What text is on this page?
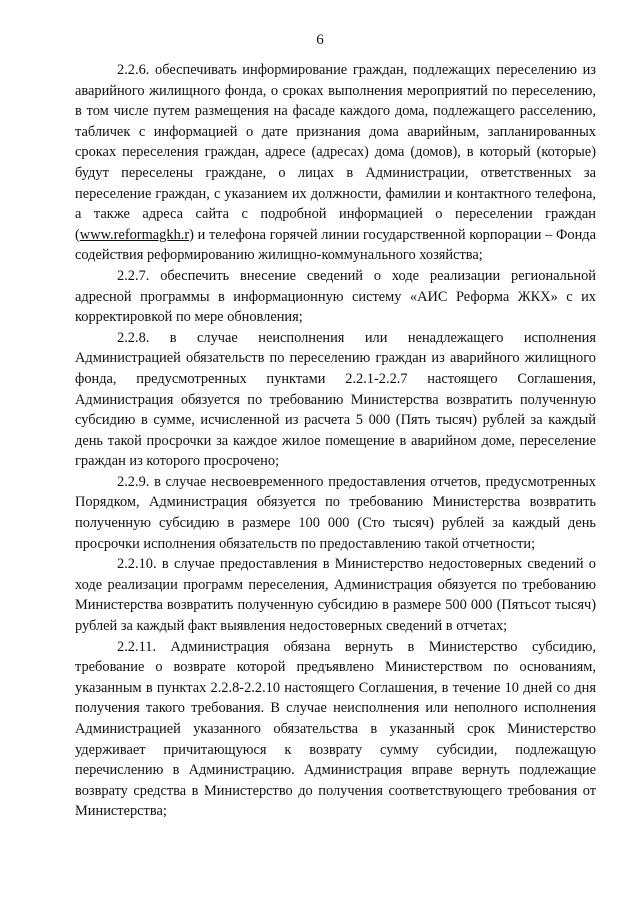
6

2.2.6. обеспечивать информирование граждан, подлежащих переселению из аварийного жилищного фонда, о сроках выполнения мероприятий по переселению, в том числе путем размещения на фасаде каждого дома, подлежащего расселению, табличек с информацией о дате признания дома аварийным, запланированных сроках переселения граждан, адресе (адресах) дома (домов), в который (которые) будут переселены граждане, о лицах в Администрации, ответственных за переселение граждан, с указанием их должности, фамилии и контактного телефона, а также адреса сайта с подробной информацией о переселении граждан (www.reformagkh.r) и телефона горячей линии государственной корпорации – Фонда содействия реформированию жилищно-коммунального хозяйства;

2.2.7. обеспечить внесение сведений о ходе реализации региональной адресной программы в информационную систему «АИС Реформа ЖКХ» с их корректировкой по мере обновления;

2.2.8. в случае неисполнения или ненадлежащего исполнения Администрацией обязательств по переселению граждан из аварийного жилищного фонда, предусмотренных пунктами 2.2.1-2.2.7 настоящего Соглашения, Администрация обязуется по требованию Министерства возвратить полученную субсидию в сумме, исчисленной из расчета 5 000 (Пять тысяч) рублей за каждый день такой просрочки за каждое жилое помещение в аварийном доме, переселение граждан из которого просрочено;

2.2.9. в случае несвоевременного предоставления отчетов, предусмотренных Порядком, Администрация обязуется по требованию Министерства возвратить полученную субсидию в размере 100 000 (Сто тысяч) рублей за каждый день просрочки исполнения обязательств по предоставлению такой отчетности;

2.2.10. в случае предоставления в Министерство недостоверных сведений о ходе реализации программ переселения, Администрация обязуется по требованию Министерства возвратить полученную субсидию в размере 500 000 (Пятьсот тысяч) рублей за каждый факт выявления недостоверных сведений в отчетах;

2.2.11. Администрация обязана вернуть в Министерство субсидию, требование о возврате которой предъявлено Министерством по основаниям, указанным в пунктах 2.2.8-2.2.10 настоящего Соглашения, в течение 10 дней со дня получения такого требования. В случае неисполнения или неполного исполнения Администрацией указанного обязательства в указанный срок Министерство удерживает причитающуюся к возврату сумму субсидии, подлежащую перечислению в Администрацию. Администрация вправе вернуть подлежащие возврату средства в Министерство до получения соответствующего требования от Министерства;
